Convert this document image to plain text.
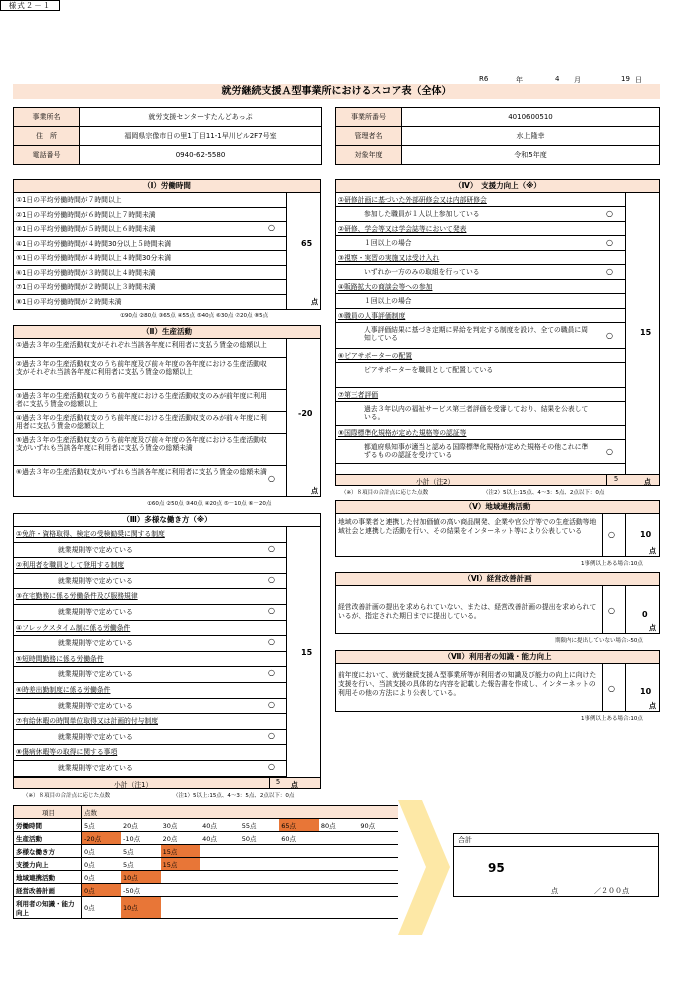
様式２－１
R6	年	4 月	19 日
就労継続支援Ａ型事業所におけるスコア表（全体）
事業所名	就労支援センターすたんどあっぷ		事業所番号	4010600510
住　所	福岡県宗像市日の里1丁目11-1早川ビル2F7号室		管理者名	水上隆幸
電話番号	0940-62-5580		対象年度	令和5年度
（Ⅰ）労働時間
①1日の平均労働時間が７時間以上
②1日の平均労働時間が６時間以上７時間未満
③1日の平均労働時間が５時間以上６時間未満	○
④1日の平均労働時間が４時間30分以上５時間未満
⑤1日の平均労働時間が４時間以上４時間30分未満
⑥1日の平均労働時間が３時間以上４時間未満
⑦1日の平均労働時間が２時間以上３時間未満
⑧1日の平均労働時間が２時間未満
65
点
①90点 ②80点 ③65点 ④55点 ⑤40点 ⑥30点 ⑦20点 ⑧5点
（Ⅱ）生産活動
①過去３年の生産活動収支がそれぞれ当該各年度に利用者に支払う賃金の総額以上
②過去３年の生産活動収支のうち前年度及び前々年度の各年度における生産活動収支がそれぞれ当該各年度に利用者に支払う賃金の総額以上
③過去３年の生産活動収支のうち前年度における生産活動収支のみが前年度に利用者に支払う賃金の総額以上
④過去３年の生産活動収支のうち前年度における生産活動収支のみが前々年度に利用者に支払う賃金の総額以上
⑤過去３年の生産活動収支のうち前年度及び前々年度の各年度における生産活動収支がいずれも当該各年度に利用者に支払う賃金の総額未満
⑥過去３年の生産活動収支がいずれも当該各年度に利用者に支払う賃金の総額未満
○
-20
点
①60点 ②50点 ③40点 ④20点 ⑤－10点 ⑥－20点
（Ⅲ）多様な働き方（※）
①免許・資格取得、検定の受検勧奨に関する制度
就業規則等で定めている	○
②利用者を職員として登用する制度
就業規則等で定めている	○
③在宅勤務に係る労働条件及び服務規律
就業規則等で定めている	○
④フレックスタイム制に係る労働条件
就業規則等で定めている	○
⑤短時間勤務に係る労働条件
就業規則等で定めている	○
⑥時差出勤制度に係る労働条件
就業規則等で定めている	○
⑦有給休暇の時間単位取得又は計画的付与制度
就業規則等で定めている	○
⑧傷病休暇等の取得に関する事項
就業規則等で定めている	○
15
小計（注1）	5	点
（※）８項目の合計点に応じた点数	（注1）5以上:15点、4～3：5点、2点以下：0点
（Ⅳ）　支援力向上（※）
①研修計画に基づいた外部研修会又は内部研修会
参加した職員が１人以上参加している	○
②研修、学会等又は学会誌等において発表
１回以上の場合	○
③視察・実習の実施又は受け入れ
いずれか一方のみの取組を行っている	○
④販路拡大の商談会等への参加
１回以上の場合
⑤職員の人事評価制度
人事評価結果に基づき定期に昇給を判定する制度を設け、全ての職員に周知している	○
⑥ピアサポーターの配置
ピアサポーターを職員として配置している
⑦第三者評価
過去３年以内の福祉サービス第三者評価を受審しており、結果を公表している。
⑧国際標準化規格が定めた規格等の認証等
都道府県知事が適当と認める国際標準化規格が定めた規格その他これに準ずるものの認証を受けている	○
15
小計（注2）	5	点
（※）８項目の合計点に応じた点数	（注2）5以上:15点、4～3：5点、2点以下：0点
（Ⅴ）地域連携活動
地域の事業者と連携した付加価値の高い商品開発、企業や官公庁等での生産活動等地域社会と連携した活動を行い、その結果をインターネット等により公表している	○	10
点
1事例以上ある場合:10点
（Ⅵ）経営改善計画
経営改善計画の提出を求められていない、または、経営改善計画の提出を求められているが、指定された期日までに提出している。
○	0
点
期限内に提出していない場合:-50点
（Ⅶ）利用者の知識・能力向上
前年度において、就労継続支援Ａ型事業所等が利用者の知識及び能力の向上に向けた支援を行い、当該支援の具体的な内容を記載した報告書を作成し、インターネットの利用その他の方法により公表している。	○	10
点
1事例以上ある場合:10点
項目	点数							
労働時間	5点	20点	30点	40点	55点	65点	80点	90点
生産活動	-20点	-10点	20点	40点	50点	60点		
多様な働き方	0点	5点	15点					
支援力向上	0点	5点	15点					
地域連携活動	0点	10点						
経営改善計画	0点	-50点						
利用者の知識・能力向上	0点	10点						
合計
95
点	／２００点
